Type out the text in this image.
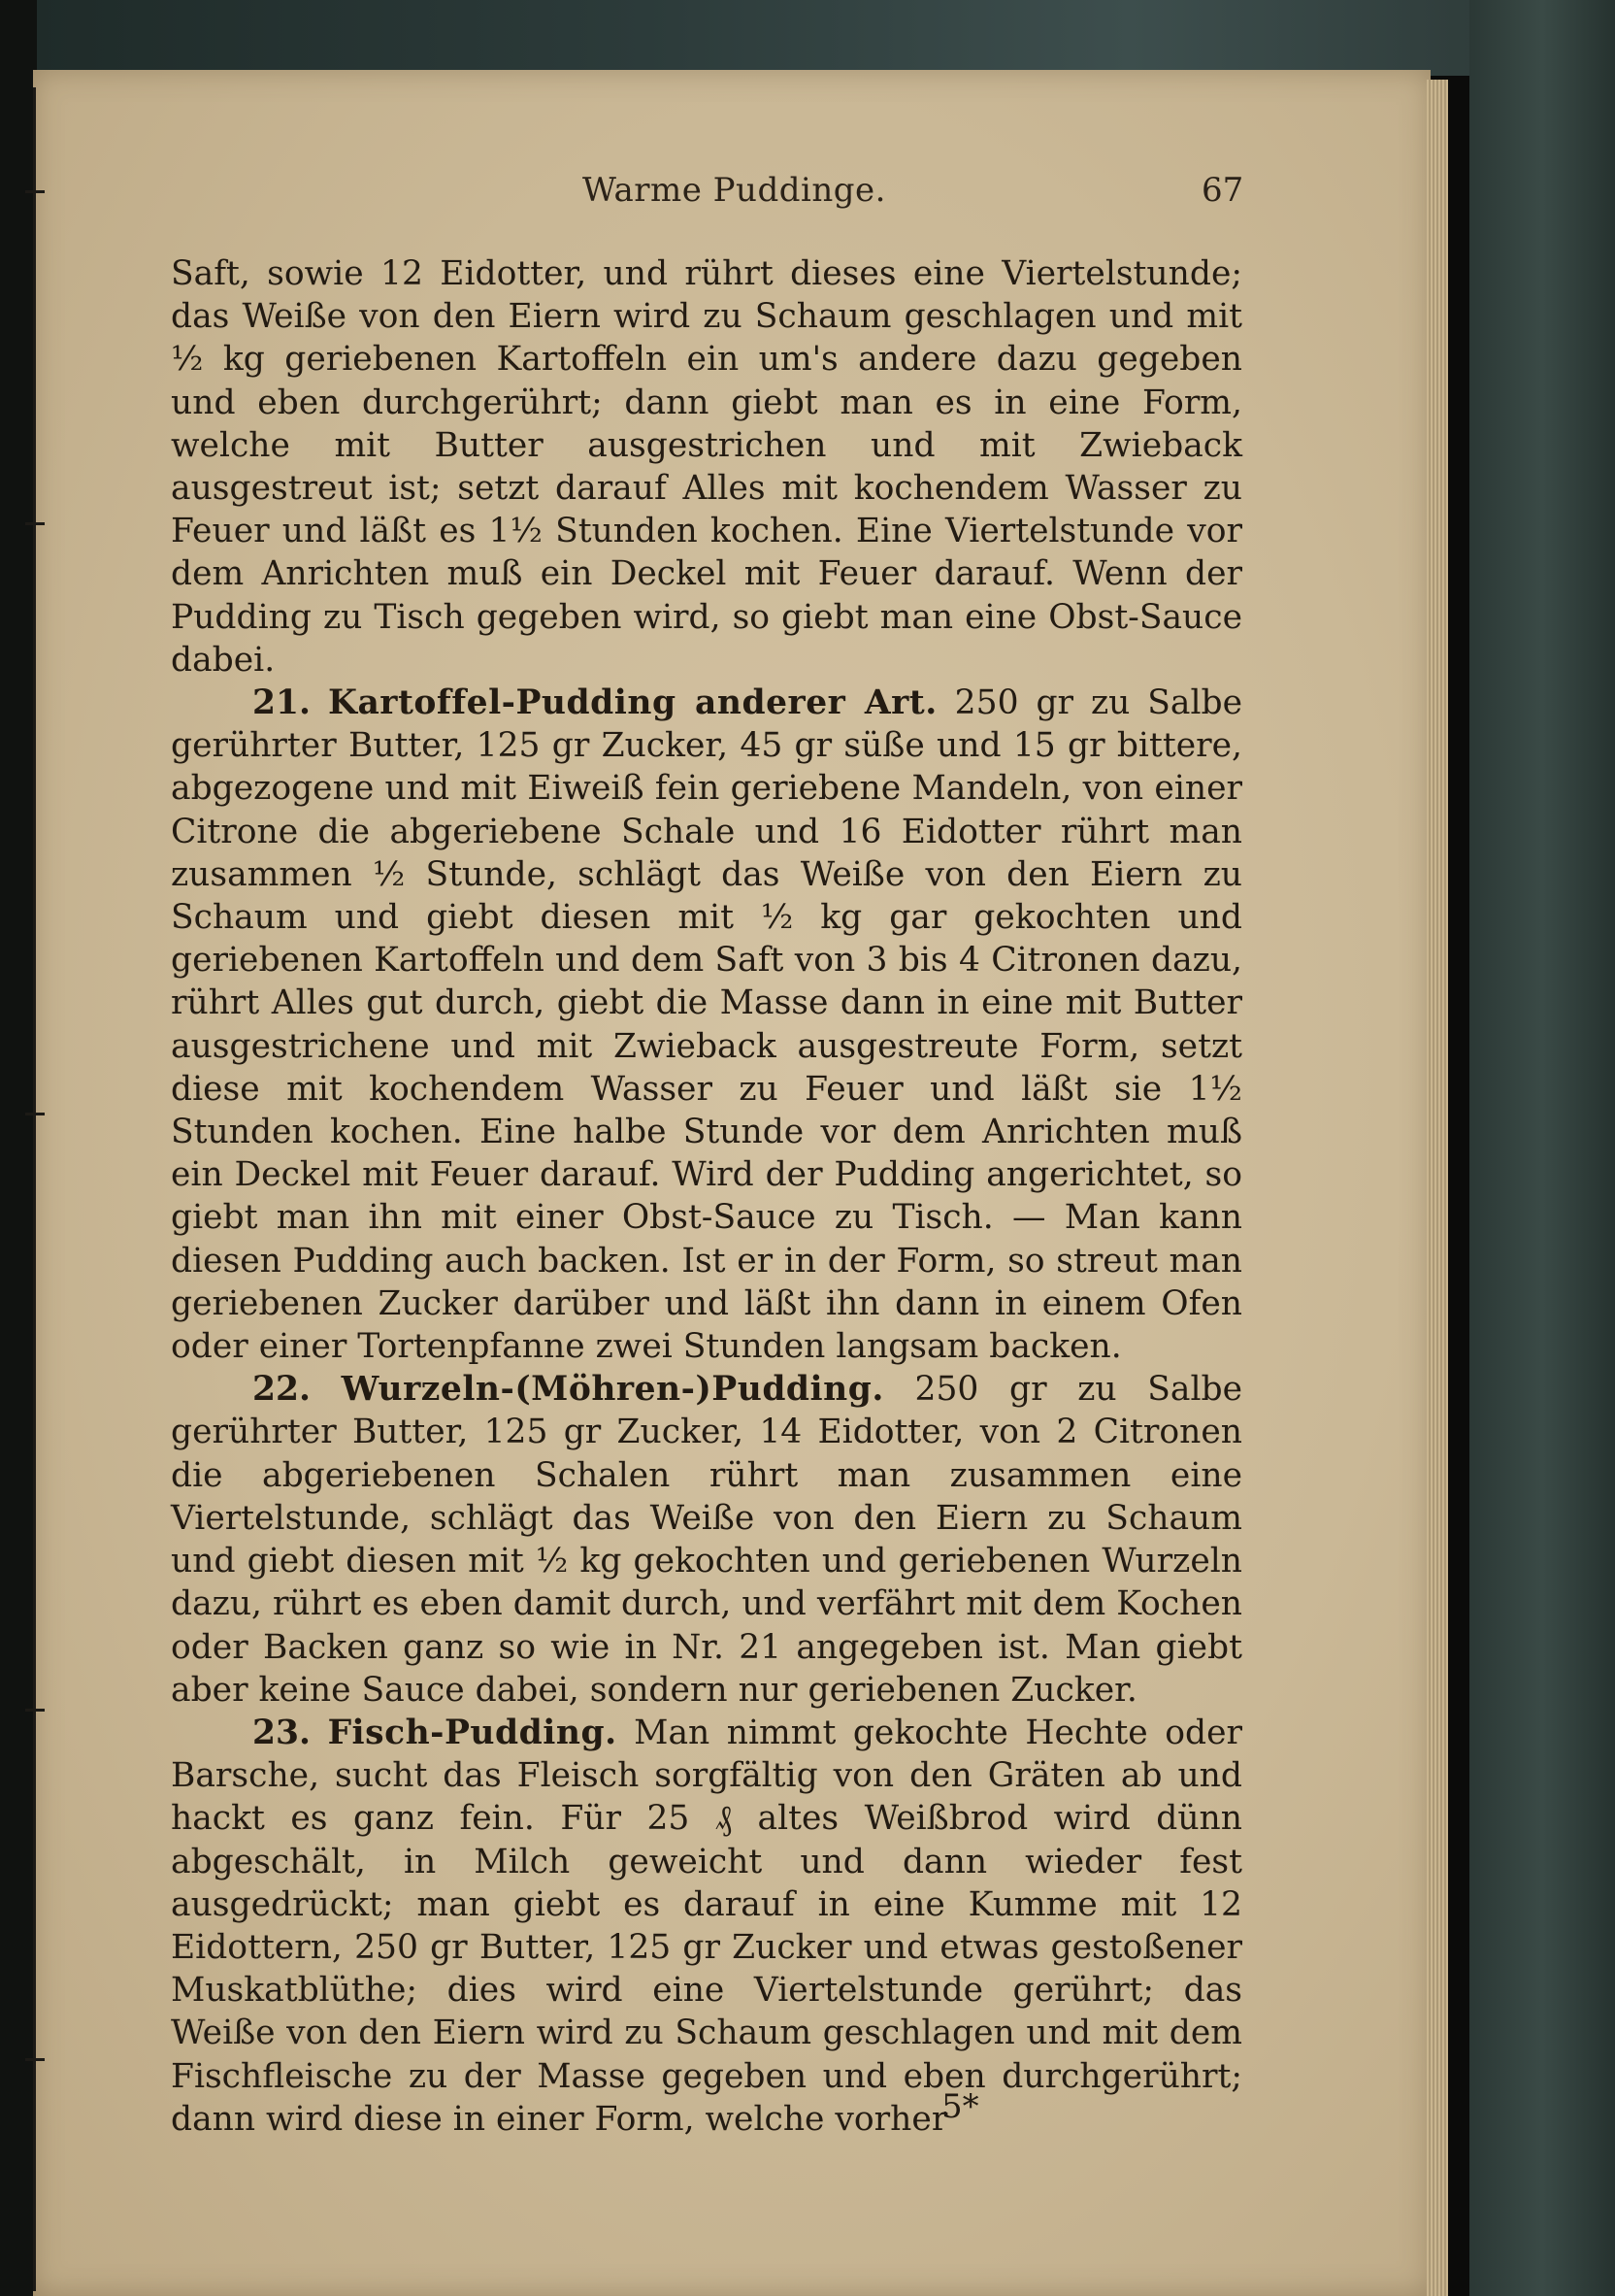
Warme Puddinge.	67

Saft, sowie 12 Eidotter, und rührt dieses eine Viertelstunde; das Weiße von den Eiern wird zu Schaum geschlagen und mit ½ kg geriebenen Kartoffeln ein um's andere dazu gegeben und eben durchgerührt; dann giebt man es in eine Form, welche mit Butter ausgestrichen und mit Zwieback ausgestreut ist; setzt darauf Alles mit kochendem Wasser zu Feuer und läßt es 1½ Stunden kochen. Eine Viertelstunde vor dem Anrichten muß ein Deckel mit Feuer darauf. Wenn der Pudding zu Tisch gegeben wird, so giebt man eine Obst-Sauce dabei.

21. Kartoffel-Pudding anderer Art. 250 gr zu Salbe gerührter Butter, 125 gr Zucker, 45 gr süße und 15 gr bittere, abgezogene und mit Eiweiß fein geriebene Mandeln, von einer Citrone die abgeriebene Schale und 16 Eidotter rührt man zusammen ½ Stunde, schlägt das Weiße von den Eiern zu Schaum und giebt diesen mit ½ kg gar gekochten und geriebenen Kartoffeln und dem Saft von 3 bis 4 Citronen dazu, rührt Alles gut durch, giebt die Masse dann in eine mit Butter ausgestrichene und mit Zwieback ausgestreute Form, setzt diese mit kochendem Wasser zu Feuer und läßt sie 1½ Stunden kochen. Eine halbe Stunde vor dem Anrichten muß ein Deckel mit Feuer darauf. Wird der Pudding angerichtet, so giebt man ihn mit einer Obst-Sauce zu Tisch. — Man kann diesen Pudding auch backen. Ist er in der Form, so streut man geriebenen Zucker darüber und läßt ihn dann in einem Ofen oder einer Tortenpfanne zwei Stunden langsam backen.

22. Wurzeln-(Möhren-)Pudding. 250 gr zu Salbe gerührter Butter, 125 gr Zucker, 14 Eidotter, von 2 Citronen die abgeriebenen Schalen rührt man zusammen eine Viertelstunde, schlägt das Weiße von den Eiern zu Schaum und giebt diesen mit ½ kg gekochten und geriebenen Wurzeln dazu, rührt es eben damit durch, und verfährt mit dem Kochen oder Backen ganz so wie in Nr. 21 angegeben ist. Man giebt aber keine Sauce dabei, sondern nur geriebenen Zucker.

23. Fisch-Pudding. Man nimmt gekochte Hechte oder Barsche, sucht das Fleisch sorgfältig von den Gräten ab und hackt es ganz fein. Für 25 ₰ altes Weißbrod wird dünn abgeschält, in Milch geweicht und dann wieder fest ausgedrückt; man giebt es darauf in eine Kumme mit 12 Eidottern, 250 gr Butter, 125 gr Zucker und etwas gestoßener Muskatblüthe; dies wird eine Viertelstunde gerührt; das Weiße von den Eiern wird zu Schaum geschlagen und mit dem Fischfleische zu der Masse gegeben und eben durchgerührt; dann wird diese in einer Form, welche vorher

5*
